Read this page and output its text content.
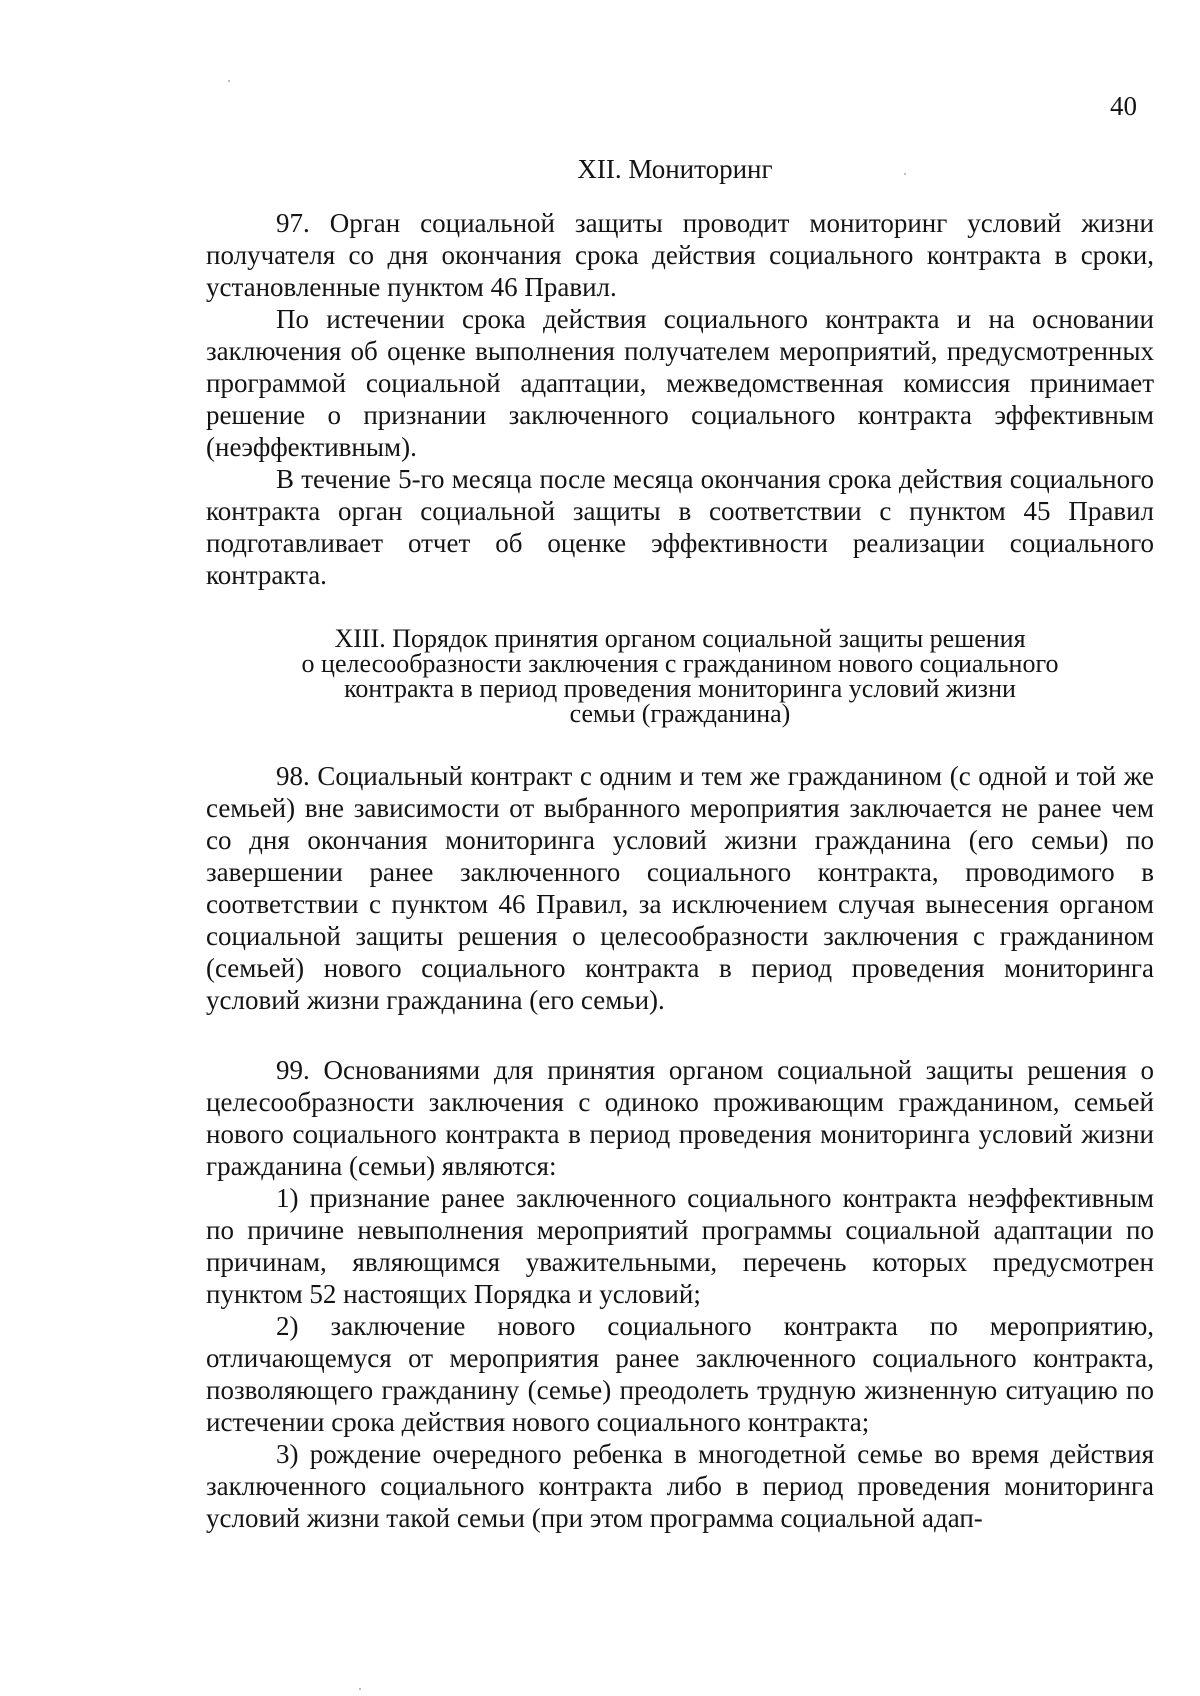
40
XII. Мониторинг

97. Орган социальной защиты проводит мониторинг условий жизни получателя со дня окончания срока действия социального контракта в сроки, установленные пунктом 46 Правил.

По истечении срока действия социального контракта и на основании заключения об оценке выполнения получателем мероприятий, предусмотренных программой социальной адаптации, межведомственная комиссия принимает решение о признании заключенного социального контракта эффективным (неэффективным).

В течение 5-го месяца после месяца окончания срока действия социального контракта орган социальной защиты в соответствии с пунктом 45 Правил подготавливает отчет об оценке эффективности реализации социального контракта.

XIII. Порядок принятия органом социальной защиты решения
о целесообразности заключения с гражданином нового социального
контракта в период проведения мониторинга условий жизни
семьи (гражданина)

98. Социальный контракт с одним и тем же гражданином (с одной и той же семьей) вне зависимости от выбранного мероприятия заключается не ранее чем со дня окончания мониторинга условий жизни гражданина (его семьи) по завершении ранее заключенного социального контракта, проводимого в соответствии с пунктом 46 Правил, за исключением случая вынесения органом социальной защиты решения о целесообразности заключения с гражданином (семьей) нового социального контракта в период проведения мониторинга условий жизни гражданина (его семьи).

99. Основаниями для принятия органом социальной защиты решения о целесообразности заключения с одиноко проживающим гражданином, семьей нового социального контракта в период проведения мониторинга условий жизни гражданина (семьи) являются:

1) признание ранее заключенного социального контракта неэффективным по причине невыполнения мероприятий программы социальной адаптации по причинам, являющимся уважительными, перечень которых предусмотрен пунктом 52 настоящих Порядка и условий;

2) заключение нового социального контракта по мероприятию, отличающемуся от мероприятия ранее заключенного социального контракта, позволяющего гражданину (семье) преодолеть трудную жизненную ситуацию по истечении срока действия нового социального контракта;

3) рождение очередного ребенка в многодетной семье во время действия заключенного социального контракта либо в период проведения мониторинга условий жизни такой семьи (при этом программа социальной адап-
